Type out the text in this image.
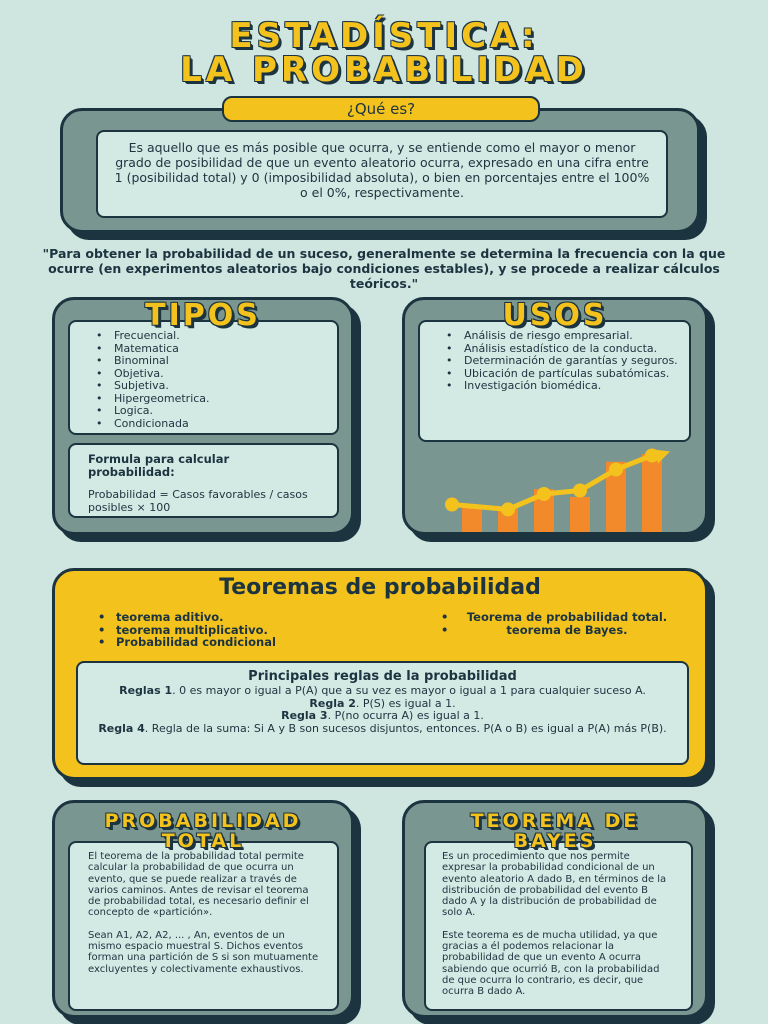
ESTADÍSTICA:
LA PROBABILIDAD
¿Qué es?
Es aquello que es más posible que ocurra, y se entiende como el mayor o menor grado de posibilidad de que un evento aleatorio ocurra, expresado en una cifra entre 1 (posibilidad total) y 0 (imposibilidad absoluta), o bien en porcentajes entre el 100% o el 0%, respectivamente.
"Para obtener la probabilidad de un suceso, generalmente se determina la frecuencia con la que ocurre (en experimentos aleatorios bajo condiciones estables), y se procede a realizar cálculos teóricos."
• Frecuencial.
• Matematica
• Binominal
• Objetiva.
• Subjetiva.
• Hipergeometrica.
• Logica.
• Condicionada
TIPOS
Formula para calcular probabilidad:
Probabilidad = Casos favorables / casos posibles × 100
• Análisis de riesgo empresarial.
• Análisis estadístico de la conducta.
• Determinación de garantías y seguros.
• Ubicación de partículas subatómicas.
• Investigación biomédica.
USOS
Teoremas de probabilidad
• teorema aditivo.
• teorema multiplicativo.
• Probabilidad condicional
• Teorema de probabilidad total.
• teorema de Bayes.
Principales reglas de la probabilidad
Reglas 1. 0 es mayor o igual a P(A) que a su vez es mayor o igual a 1 para cualquier suceso A.
Regla 2. P(S) es igual a 1.
Regla 3. P(no ocurra A) es igual a 1.
Regla 4. Regla de la suma: Si A y B son sucesos disjuntos, entonces. P(A o B) es igual a P(A) más P(B).
El teorema de la probabilidad total permite calcular la probabilidad de que ocurra un evento, que se puede realizar a través de varios caminos. Antes de revisar el teorema de probabilidad total, es necesario definir el concepto de «partición».
Sean A1, A2, A2, ... , An, eventos de un mismo espacio muestral S. Dichos eventos forman una partición de S si son mutuamente excluyentes y colectivamente exhaustivos.
PROBABILIDAD
TOTAL
Es un procedimiento que nos permite expresar la probabilidad condicional de un evento aleatorio A dado B, en términos de la distribución de probabilidad del evento B dado A y la distribución de probabilidad de solo A.
Este teorema es de mucha utilidad, ya que gracias a él podemos relacionar la probabilidad de que un evento A ocurra sabiendo que ocurrió B, con la probabilidad de que ocurra lo contrario, es decir, que ocurra B dado A.
TEOREMA DE
BAYES
